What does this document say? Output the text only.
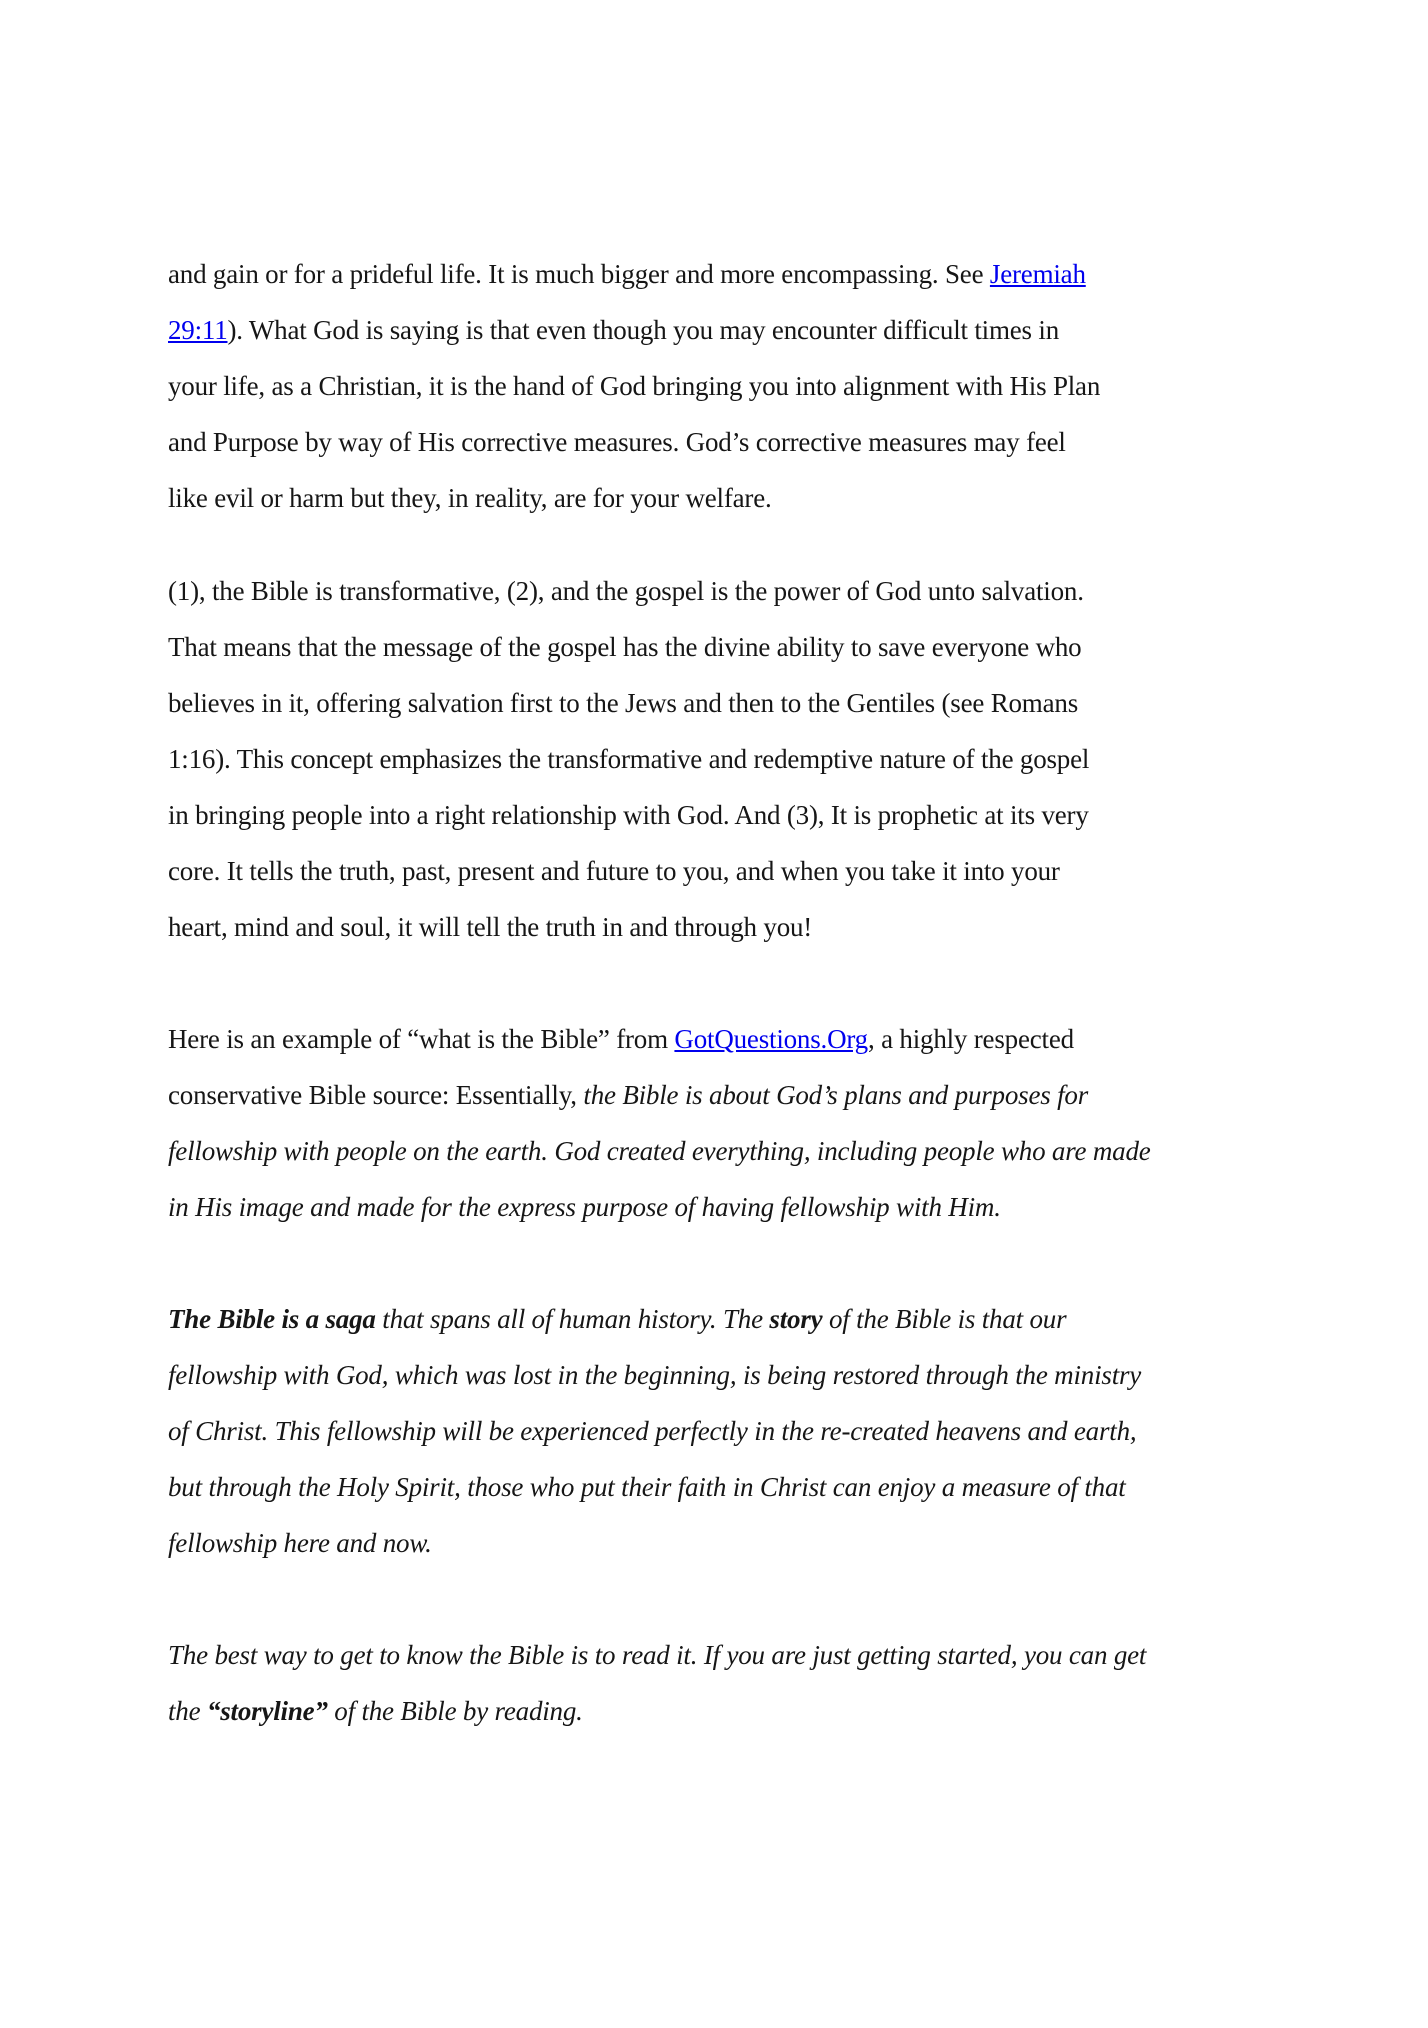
and gain or for a prideful life. It is much bigger and more encompassing. See Jeremiah
29:11). What God is saying is that even though you may encounter difficult times in
your life, as a Christian, it is the hand of God bringing you into alignment with His Plan
and Purpose by way of His corrective measures. God’s corrective measures may feel
like evil or harm but they, in reality, are for your welfare.

(1), the Bible is transformative, (2), and the gospel is the power of God unto salvation.
That means that the message of the gospel has the divine ability to save everyone who
believes in it, offering salvation first to the Jews and then to the Gentiles (see Romans
1:16). This concept emphasizes the transformative and redemptive nature of the gospel
in bringing people into a right relationship with God. And (3), It is prophetic at its very
core. It tells the truth, past, present and future to you, and when you take it into your
heart, mind and soul, it will tell the truth in and through you!

Here is an example of “what is the Bible” from GotQuestions.Org, a highly respected
conservative Bible source: Essentially, the Bible is about God’s plans and purposes for
fellowship with people on the earth. God created everything, including people who are made
in His image and made for the express purpose of having fellowship with Him.

The Bible is a saga that spans all of human history. The story of the Bible is that our
fellowship with God, which was lost in the beginning, is being restored through the ministry
of Christ. This fellowship will be experienced perfectly in the re-created heavens and earth,
but through the Holy Spirit, those who put their faith in Christ can enjoy a measure of that
fellowship here and now.

The best way to get to know the Bible is to read it. If you are just getting started, you can get
the “storyline” of the Bible by reading.
